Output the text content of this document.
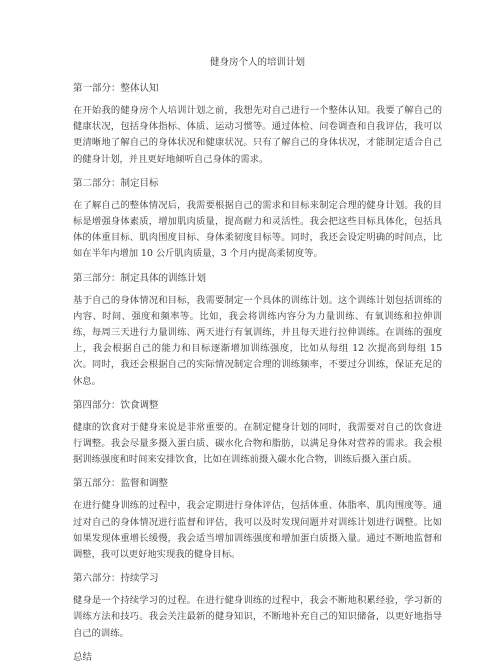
健身房个人的培训计划
第一部分：整体认知

在开始我的健身房个人培训计划之前，我想先对自己进行一个整体认知。我要了解自己的健康状况，包括身体指标、体质、运动习惯等。通过体检、问卷调查和自我评估，我可以更清晰地了解自己的身体状况和健康状况。只有了解自己的身体状况，才能制定适合自己的健身计划，并且更好地倾听自己身体的需求。

第二部分：制定目标

在了解自己的整体情况后，我需要根据自己的需求和目标来制定合理的健身计划。我的目标是增强身体素质，增加肌肉质量，提高耐力和灵活性。我会把这些目标具体化，包括具体的体重目标、肌肉围度目标、身体柔韧度目标等。同时，我还会设定明确的时间点，比如在半年内增加 10 公斤肌肉质量，3 个月内提高柔韧度等。

第三部分：制定具体的训练计划

基于自己的身体情况和目标，我需要制定一个具体的训练计划。这个训练计划包括训练的内容、时间、强度和频率等。比如，我会将训练内容分为力量训练、有氧训练和拉伸训练，每周三天进行力量训练、两天进行有氧训练，并且每天进行拉伸训练。在训练的强度上，我会根据自己的能力和目标逐渐增加训练强度，比如从每组 12 次提高到每组 15 次。同时，我还会根据自己的实际情况制定合理的训练频率，不要过分训练，保证充足的休息。

第四部分：饮食调整

健康的饮食对于健身来说是非常重要的。在制定健身计划的同时，我需要对自己的饮食进行调整。我会尽量多摄入蛋白质、碳水化合物和脂肪，以满足身体对营养的需求。我会根据训练强度和时间来安排饮食，比如在训练前摄入碳水化合物，训练后摄入蛋白质。

第五部分：监督和调整

在进行健身训练的过程中，我会定期进行身体评估，包括体重、体脂率、肌肉围度等。通过对自己的身体情况进行监督和评估，我可以及时发现问题并对训练计划进行调整。比如如果发现体重增长缓慢，我会适当增加训练强度和增加蛋白质摄入量。通过不断地监督和调整，我可以更好地实现我的健身目标。

第六部分：持续学习

健身是一个持续学习的过程。在进行健身训练的过程中，我会不断地积累经验，学习新的训练方法和技巧。我会关注最新的健身知识，不断地补充自己的知识储备，以更好地指导自己的训练。

总结
